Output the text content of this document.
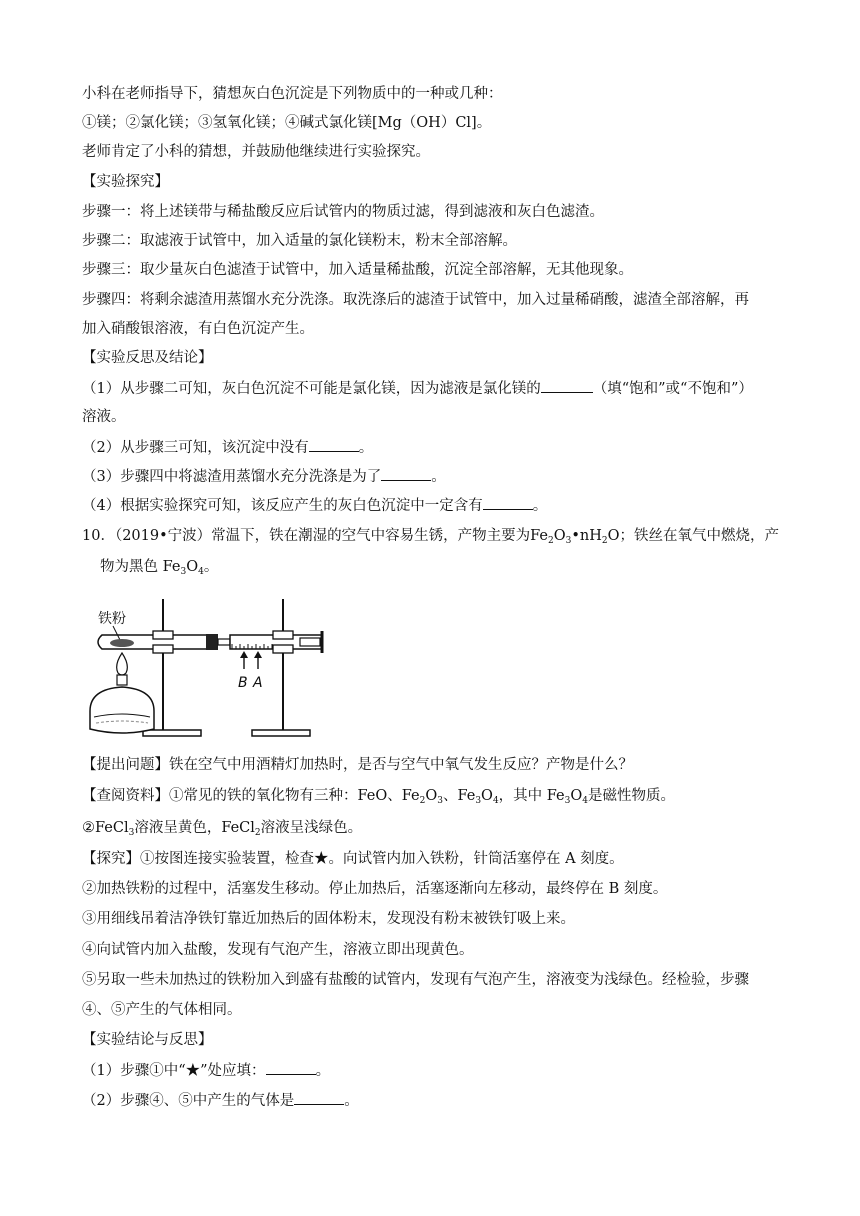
小科在老师指导下，猜想灰白色沉淀是下列物质中的一种或几种：
①镁；②氯化镁；③氢氧化镁；④碱式氯化镁[Mg（OH）Cl]。
老师肯定了小科的猜想，并鼓励他继续进行实验探究。
【实验探究】
步骤一：将上述镁带与稀盐酸反应后试管内的物质过滤，得到滤液和灰白色滤渣。
步骤二：取滤液于试管中，加入适量的氯化镁粉末，粉末全部溶解。
步骤三：取少量灰白色滤渣于试管中，加入适量稀盐酸，沉淀全部溶解，无其他现象。
步骤四：将剩余滤渣用蒸馏水充分洗涤。取洗涤后的滤渣于试管中，加入过量稀硝酸，滤渣全部溶解，再
加入硝酸银溶液，有白色沉淀产生。
【实验反思及结论】
（1）从步骤二可知，灰白色沉淀不可能是氯化镁，因为滤液是氯化镁的	（填“饱和”或“不饱和”）
溶液。
（2）从步骤三可知，该沉淀中没有	。
（3）步骤四中将滤渣用蒸馏水充分洗涤是为了	。
（4）根据实验探究可知，该反应产生的灰白色沉淀中一定含有	。
10．（2019•宁波）常温下，铁在潮湿的空气中容易生锈，产物主要为$Fe_2O_3•nH_2O$；铁丝在氧气中燃烧，产
物为黑色 $Fe_3O_4$。
B A
铁粉
【提出问题】铁在空气中用酒精灯加热时，是否与空气中氧气发生反应？产物是什么？
【查阅资料】①常见的铁的氧化物有三种：FeO、$Fe_2O_3$、$Fe_3O_4$，其中 $Fe_3O_4$是磁性物质。
②FeCl$_3$溶液呈黄色，FeCl$_2$溶液呈浅绿色。
【探究】①按图连接实验装置，检查★。向试管内加入铁粉，针筒活塞停在 A 刻度。
②加热铁粉的过程中，活塞发生移动。停止加热后，活塞逐渐向左移动，最终停在 B 刻度。
③用细线吊着洁净铁钉靠近加热后的固体粉末，发现没有粉末被铁钉吸上来。
④向试管内加入盐酸，发现有气泡产生，溶液立即出现黄色。
⑤另取一些未加热过的铁粉加入到盛有盐酸的试管内，发现有气泡产生，溶液变为浅绿色。经检验，步骤
④、⑤产生的气体相同。
【实验结论与反思】
（1）步骤①中“★”处应填：	。
（2）步骤④、⑤中产生的气体是	。
